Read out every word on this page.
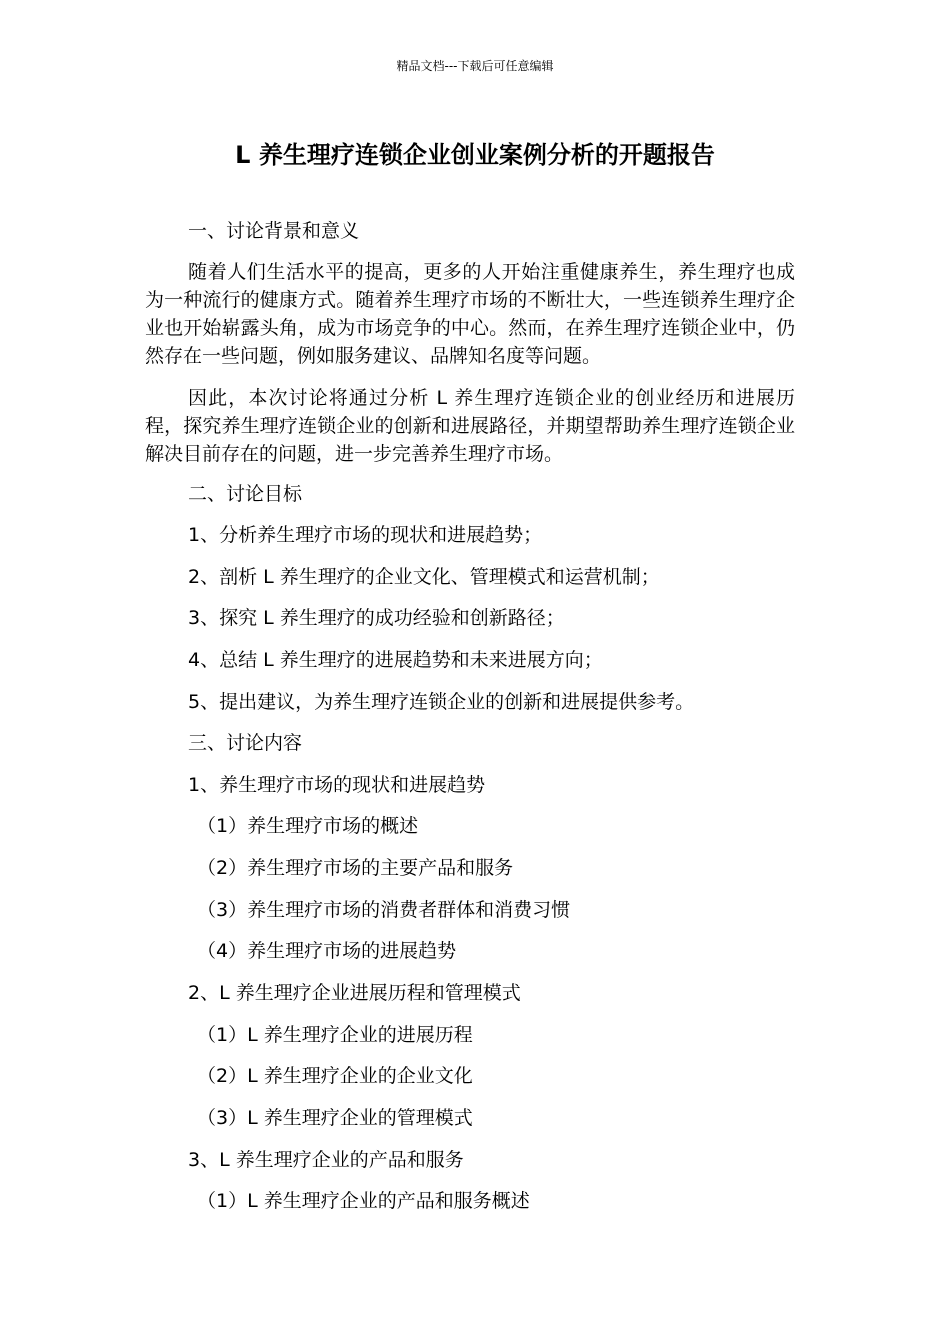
精品文档---下载后可任意编辑
L 养生理疗连锁企业创业案例分析的开题报告
一、讨论背景和意义
随着人们生活水平的提高，更多的人开始注重健康养生，养生理疗也成为一种流行的健康方式。随着养生理疗市场的不断壮大，一些连锁养生理疗企业也开始崭露头角，成为市场竞争的中心。然而，在养生理疗连锁企业中，仍然存在一些问题，例如服务建议、品牌知名度等问题。
因此，本次讨论将通过分析 L 养生理疗连锁企业的创业经历和进展历程，探究养生理疗连锁企业的创新和进展路径，并期望帮助养生理疗连锁企业解决目前存在的问题，进一步完善养生理疗市场。
二、讨论目标
1、分析养生理疗市场的现状和进展趋势；
2、剖析 L 养生理疗的企业文化、管理模式和运营机制；
3、探究 L 养生理疗的成功经验和创新路径；
4、总结 L 养生理疗的进展趋势和未来进展方向；
5、提出建议，为养生理疗连锁企业的创新和进展提供参考。
三、讨论内容
1、养生理疗市场的现状和进展趋势
（1）养生理疗市场的概述
（2）养生理疗市场的主要产品和服务
（3）养生理疗市场的消费者群体和消费习惯
（4）养生理疗市场的进展趋势
2、L 养生理疗企业进展历程和管理模式
（1）L 养生理疗企业的进展历程
（2）L 养生理疗企业的企业文化
（3）L 养生理疗企业的管理模式
3、L 养生理疗企业的产品和服务
（1）L 养生理疗企业的产品和服务概述
